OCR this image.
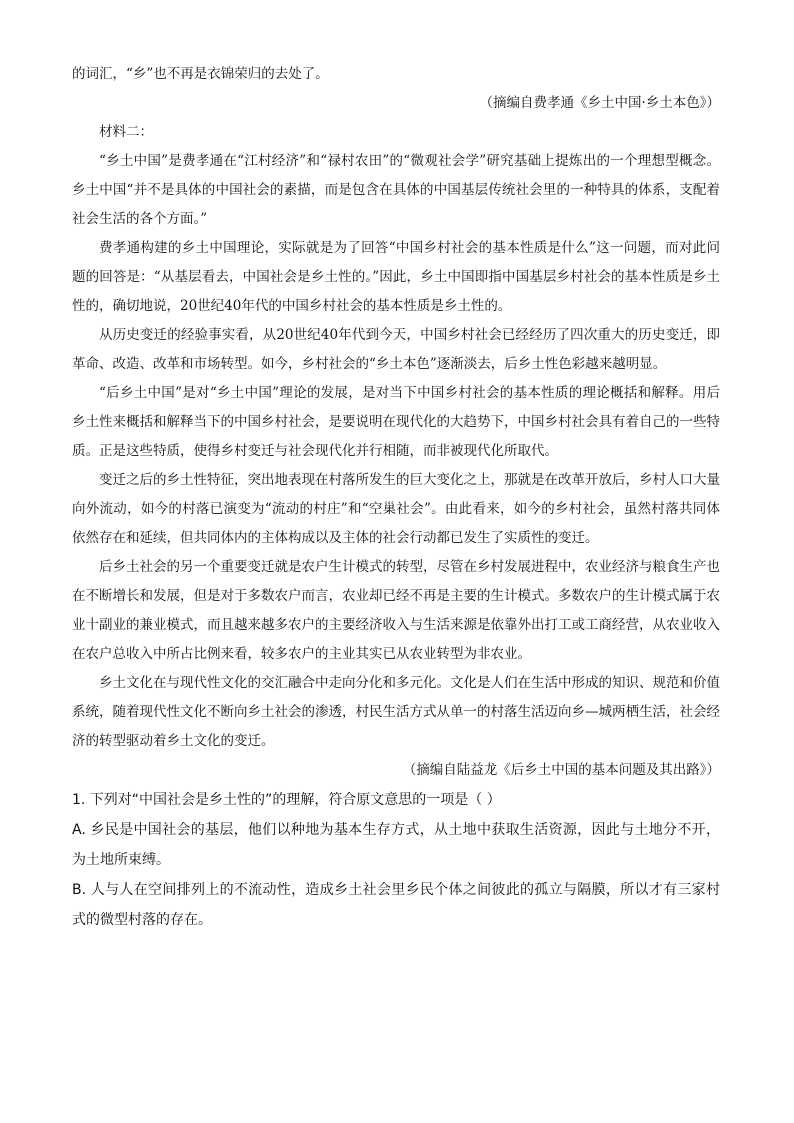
的词汇，“乡”也不再是衣锦荣归的去处了。

（摘编自费孝通《乡土中国·乡土本色》）

材料二：

“乡土中国”是费孝通在“江村经济”和“禄村农田”的“微观社会学”研究基础上提炼出的一个理想型概念。乡土中国“并不是具体的中国社会的素描，而是包含在具体的中国基层传统社会里的一种特具的体系，支配着社会生活的各个方面。”

费孝通构建的乡土中国理论，实际就是为了回答“中国乡村社会的基本性质是什么”这一问题，而对此问题的回答是：“从基层看去，中国社会是乡土性的。”因此，乡土中国即指中国基层乡村社会的基本性质是乡土性的，确切地说，20世纪40年代的中国乡村社会的基本性质是乡土性的。

从历史变迁的经验事实看，从20世纪40年代到今天，中国乡村社会已经经历了四次重大的历史变迁，即革命、改造、改革和市场转型。如今，乡村社会的“乡土本色”逐渐淡去，后乡土性色彩越来越明显。

“后乡土中国”是对“乡土中国”理论的发展，是对当下中国乡村社会的基本性质的理论概括和解释。用后乡土性来概括和解释当下的中国乡村社会，是要说明在现代化的大趋势下，中国乡村社会具有着自己的一些特质。正是这些特质，使得乡村变迁与社会现代化并行相随，而非被现代化所取代。

变迁之后的乡土性特征，突出地表现在村落所发生的巨大变化之上，那就是在改革开放后，乡村人口大量向外流动，如今的村落已演变为“流动的村庄”和“空巢社会”。由此看来，如今的乡村社会，虽然村落共同体依然存在和延续，但共同体内的主体构成以及主体的社会行动都已发生了实质性的变迁。

后乡土社会的另一个重要变迁就是农户生计模式的转型，尽管在乡村发展进程中，农业经济与粮食生产也在不断增长和发展，但是对于多数农户而言，农业却已经不再是主要的生计模式。多数农户的生计模式属于农业十副业的兼业模式，而且越来越多农户的主要经济收入与生活来源是依靠外出打工或工商经营，从农业收入在农户总收入中所占比例来看，较多农户的主业其实已从农业转型为非农业。

乡土文化在与现代性文化的交汇融合中走向分化和多元化。文化是人们在生活中形成的知识、规范和价值系统，随着现代性文化不断向乡土社会的渗透，村民生活方式从单一的村落生活迈向乡—城两栖生活，社会经济的转型驱动着乡土文化的变迁。

（摘编自陆益龙《后乡土中国的基本问题及其出路》）

1. 下列对“中国社会是乡土性的”的理解，符合原文意思的一项是（ ）

A. 乡民是中国社会的基层，他们以种地为基本生存方式，从土地中获取生活资源，因此与土地分不开，为土地所束缚。

B. 人与人在空间排列上的不流动性，造成乡土社会里乡民个体之间彼此的孤立与隔膜，所以才有三家村式的微型村落的存在。
